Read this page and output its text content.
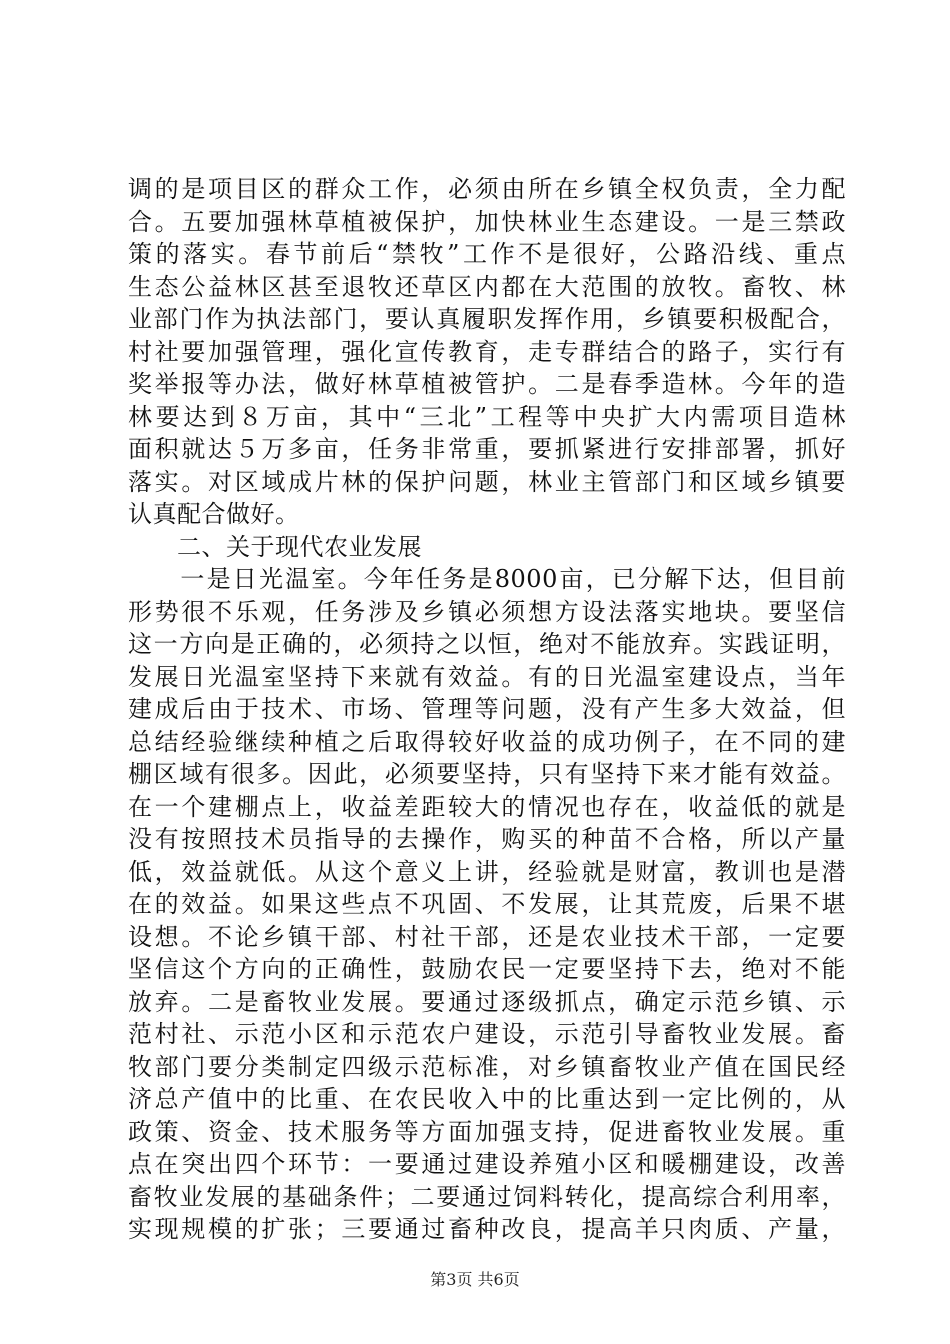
调的是项目区的群众工作，必须由所在乡镇全权负责，全力配
合。五要加强林草植被保护，加快林业生态建设。一是三禁政
策的落实。春节前后“禁牧”工作不是很好，公路沿线、重点
生态公益林区甚至退牧还草区内都在大范围的放牧。畜牧、林
业部门作为执法部门，要认真履职发挥作用，乡镇要积极配合，
村社要加强管理，强化宣传教育，走专群结合的路子，实行有
奖举报等办法，做好林草植被管护。二是春季造林。今年的造
林要达到８万亩，其中“三北”工程等中央扩大内需项目造林
面积就达５万多亩，任务非常重，要抓紧进行安排部署，抓好
落实。对区域成片林的保护问题，林业主管部门和区域乡镇要
认真配合做好。
　　二、关于现代农业发展
　　一是日光温室。今年任务是8000亩，已分解下达，但目前
形势很不乐观，任务涉及乡镇必须想方设法落实地块。要坚信
这一方向是正确的，必须持之以恒，绝对不能放弃。实践证明，
发展日光温室坚持下来就有效益。有的日光温室建设点，当年
建成后由于技术、市场、管理等问题，没有产生多大效益，但
总结经验继续种植之后取得较好收益的成功例子，在不同的建
棚区域有很多。因此，必须要坚持，只有坚持下来才能有效益。
在一个建棚点上，收益差距较大的情况也存在，收益低的就是
没有按照技术员指导的去操作，购买的种苗不合格，所以产量
低，效益就低。从这个意义上讲，经验就是财富，教训也是潜
在的效益。如果这些点不巩固、不发展，让其荒废，后果不堪
设想。不论乡镇干部、村社干部，还是农业技术干部，一定要
坚信这个方向的正确性，鼓励农民一定要坚持下去，绝对不能
放弃。二是畜牧业发展。要通过逐级抓点，确定示范乡镇、示
范村社、示范小区和示范农户建设，示范引导畜牧业发展。畜
牧部门要分类制定四级示范标准，对乡镇畜牧业产值在国民经
济总产值中的比重、在农民收入中的比重达到一定比例的，从
政策、资金、技术服务等方面加强支持，促进畜牧业发展。重
点在突出四个环节：一要通过建设养殖小区和暖棚建设，改善
畜牧业发展的基础条件；二要通过饲料转化，提高综合利用率，
实现规模的扩张；三要通过畜种改良，提高羊只肉质、产量，
第3页 共6页
